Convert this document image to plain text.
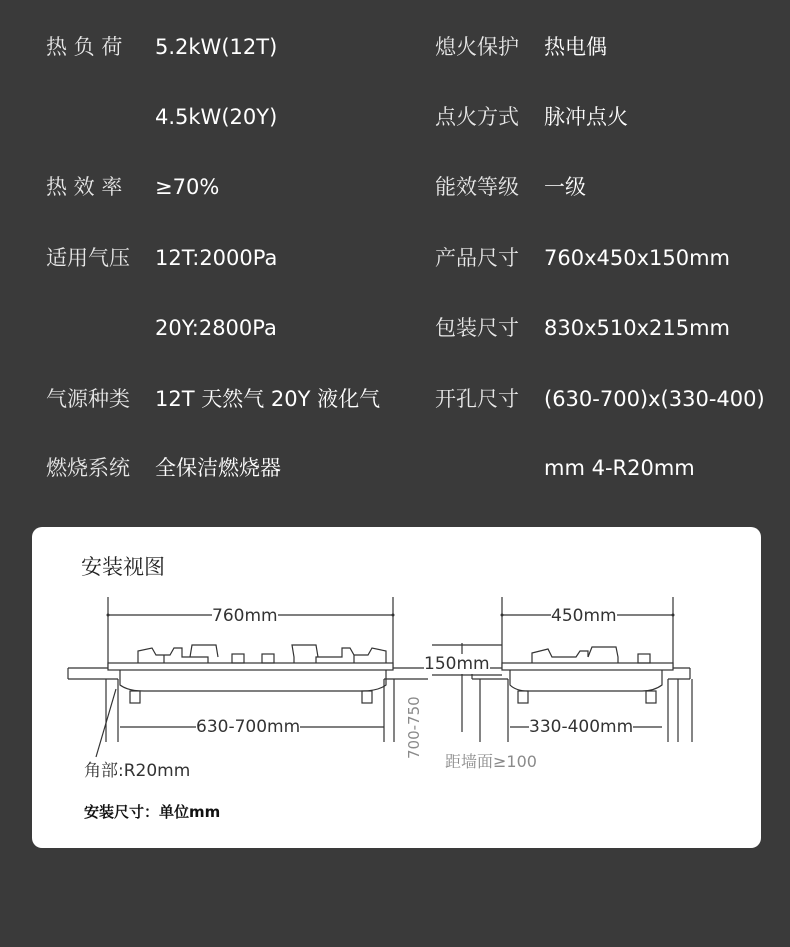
热 负 荷 5.2kW(12T)
4.5kW(20Y)
热 效 率 ≥70%
适用气压 12T:2000Pa
20Y:2800Pa
气源种类 12T 天然气 20Y 液化气
燃烧系统 全保洁燃烧器
熄火保护 热电偶
点火方式 脉冲点火
能效等级 一级
产品尺寸 760x450x150mm
包装尺寸 830x510x215mm
开孔尺寸 (630-700)x(330-400)
mm 4-R20mm
安装视图
760mm
630-700mm
角部:R20mm
安装尺寸：单位mm
450mm
150mm
330-400mm
距墙面≥100
700-750
